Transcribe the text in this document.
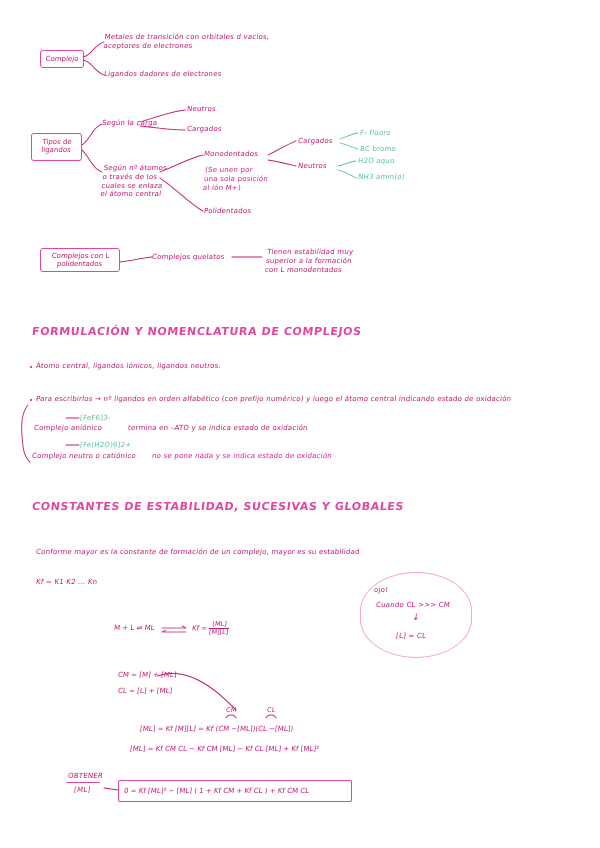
Complejo
Metales de transición con orbitales d vacíos,
aceptores de electrones
Ligandos dadores de electrones
Tipos de ligandos
Según la carga
Neutros
Cargados
Según nº átomos
o través de los
cuales se enlaza
el átomo central
Monodentados
Polidentados
(Se unen por
una sola posición
al ión M+)
Cargados
Neutros
F- flúoro
BC bromo
H2O aquo
NH3 amin(o)
Complejos con L polidentados
Complejos quelatos
Tienen estabilidad muy
superior a la formación
con L monodentados
FORMULACIÓN Y NOMENCLATURA DE COMPLEJOS
Átomo central, ligandos iónicos, ligandos neutros.
Para escribirlos → nº ligandos en orden alfabético (con prefijo numérico) y luego el átomo central indicando estado de oxidación
[FeF6]3-
Complejo aniónico	termina en –ATO y se indica estado de oxidación
[Fe(H2O)6]2+
Complejo neutro o catiónico no se pone nada y se indica estado de oxidación
CONSTANTES DE ESTABILIDAD, SUCESIVAS Y GLOBALES
Conforme mayor es la constante de formación de un complejo, mayor es su estabilidad
Kf = K1·K2 ... Kn
M + L ⇌ ML	$Kf = \frac{[ML]}{[M][L]}$
CM = [M] + [ML]
CL = [L] + [ML]
CM	CL
[ML] = Kf [M][L] = Kf (CM −[ML])(CL −[ML])
[ML] = Kf CM CL − Kf CM [ML] − Kf CL [ML] + Kf [ML]²
OBTENER
[ML]	0 = Kf [ML]² − [ML] ( 1 + Kf CM + Kf CL ) + Kf CM CL
ojo!
Cuando CL >>> CM
↓
[L] ≈ CL
